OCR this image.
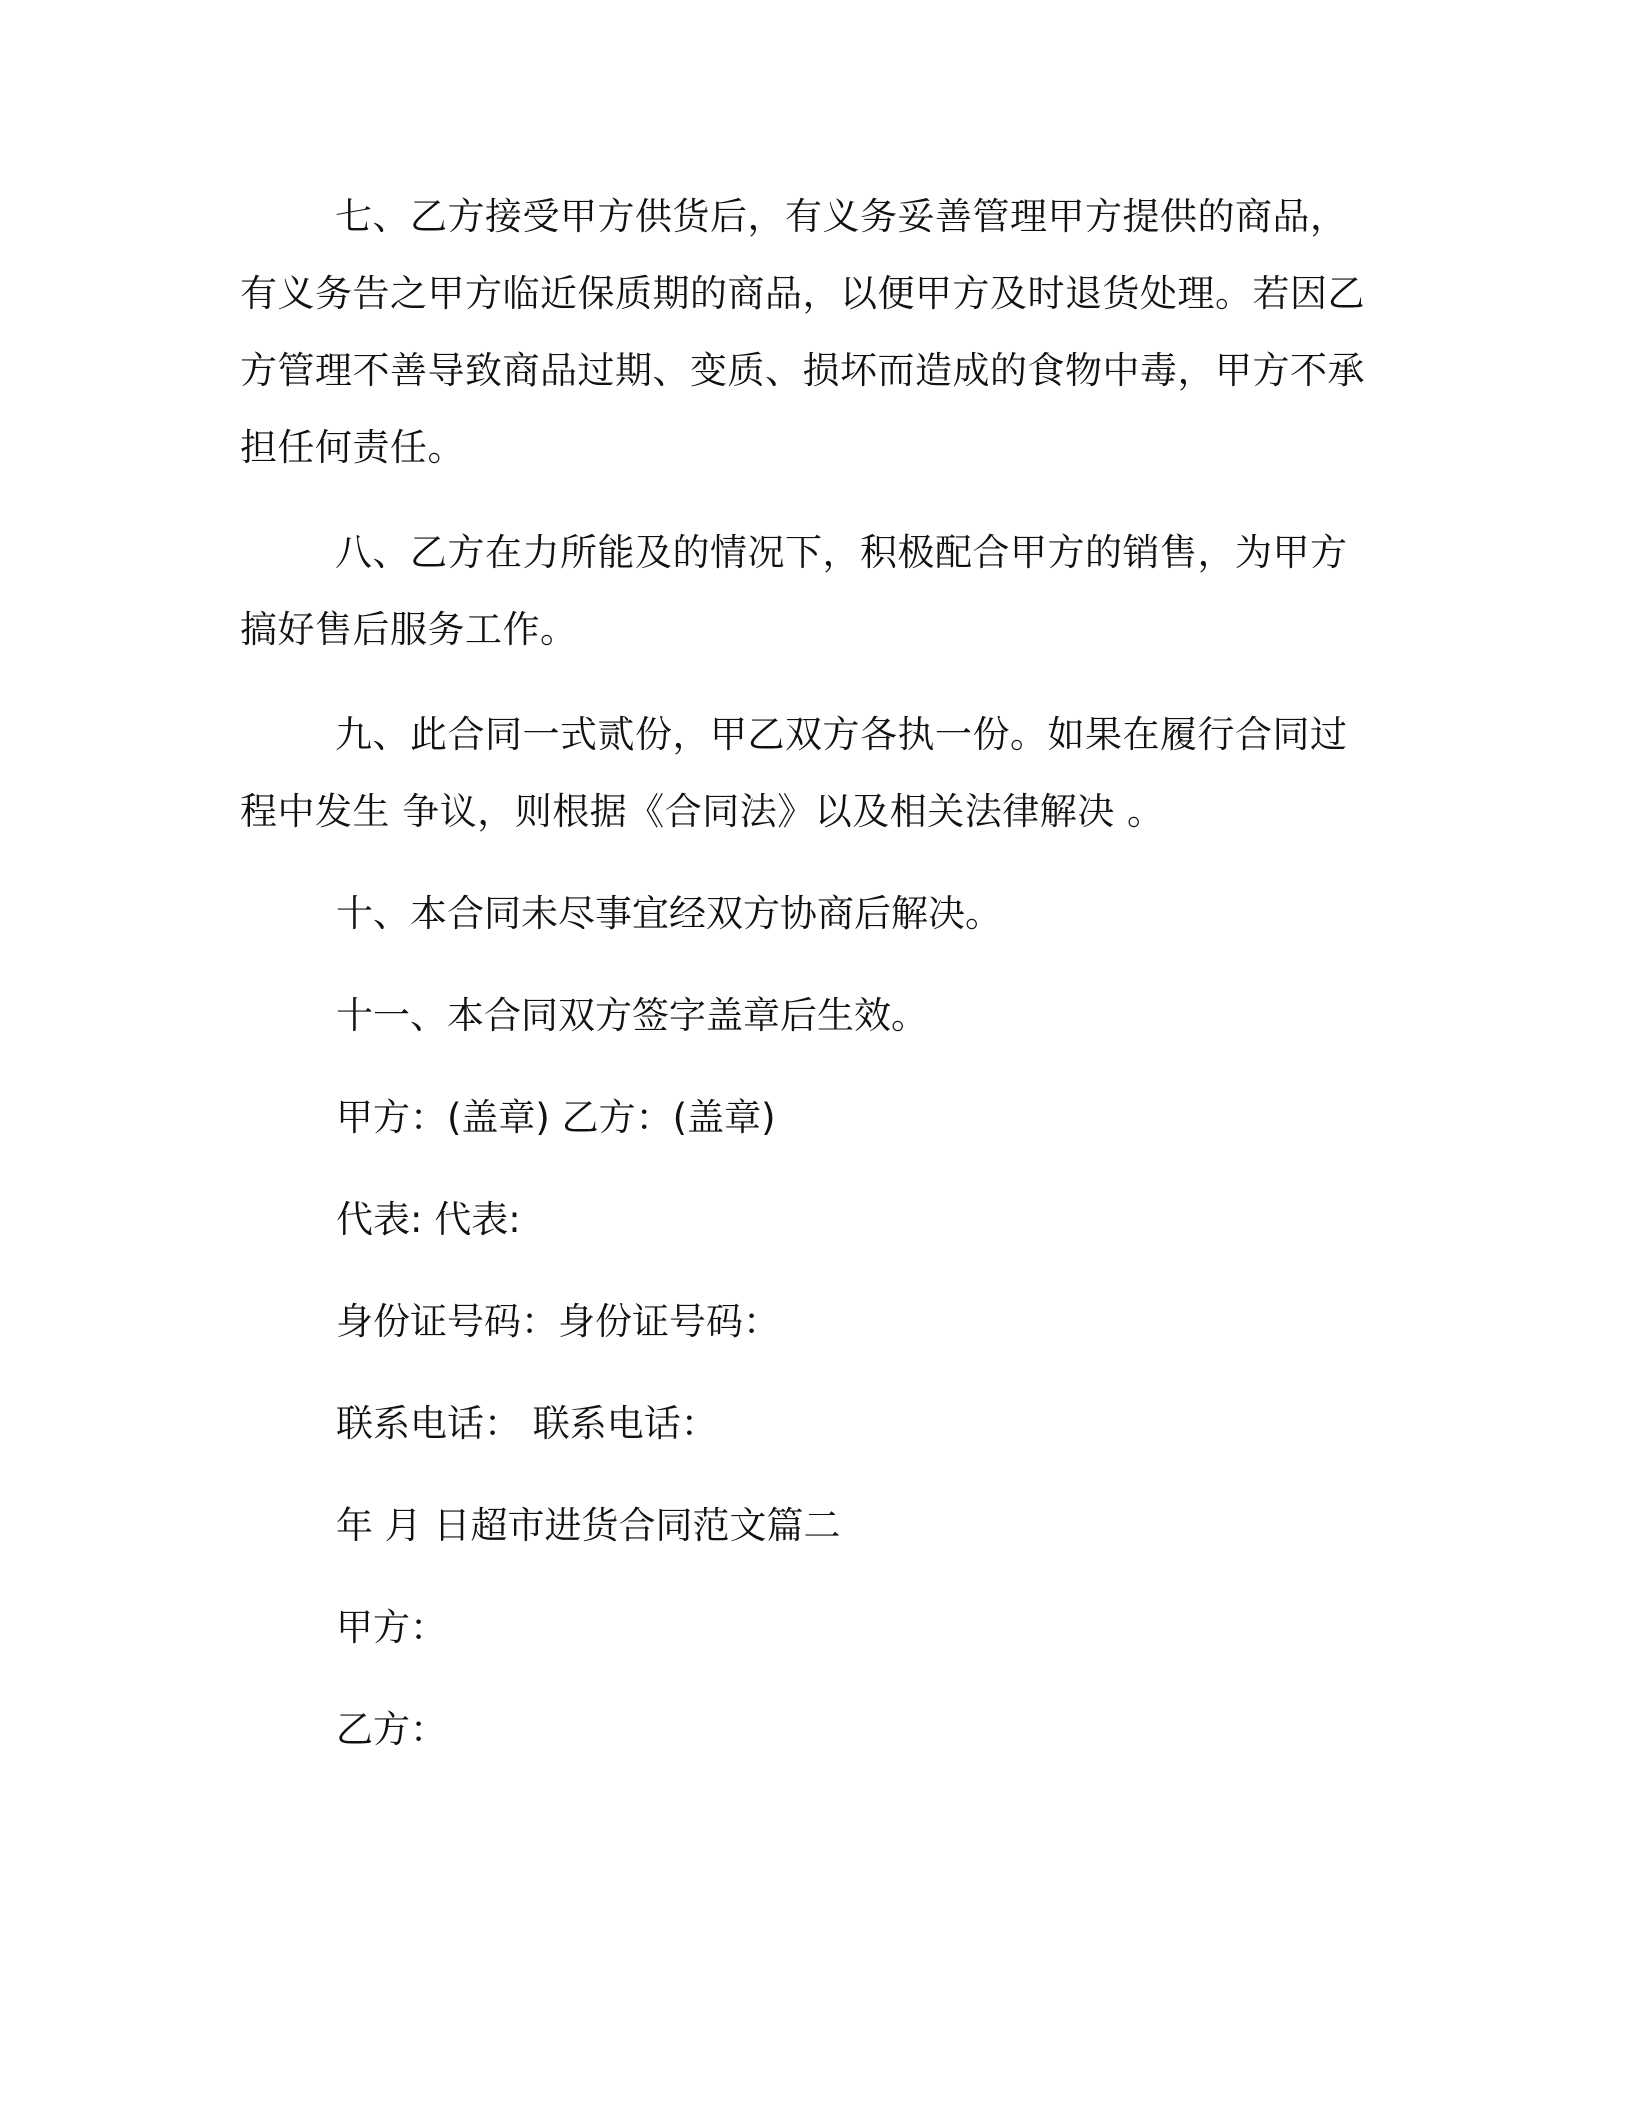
七、乙方接受甲方供货后，有义务妥善管理甲方提供的商品，有义务告之甲方临近保质期的商品，以便甲方及时退货处理。若因乙方管理不善导致商品过期、变质、损坏而造成的食物中毒，甲方不承担任何责任。

八、乙方在力所能及的情况下，积极配合甲方的销售，为甲方搞好售后服务工作。

九、此合同一式贰份，甲乙双方各执一份。如果在履行合同过程中发生 争议，则根据《合同法》以及相关法律解决 。

十、本合同未尽事宜经双方协商后解决。

十一、本合同双方签字盖章后生效。

甲方：(盖章) 乙方：(盖章)

代表: 代表:

身份证号码：身份证号码：

联系电话： 联系电话：

年 月 日超市进货合同范文篇二

甲方：

乙方：
